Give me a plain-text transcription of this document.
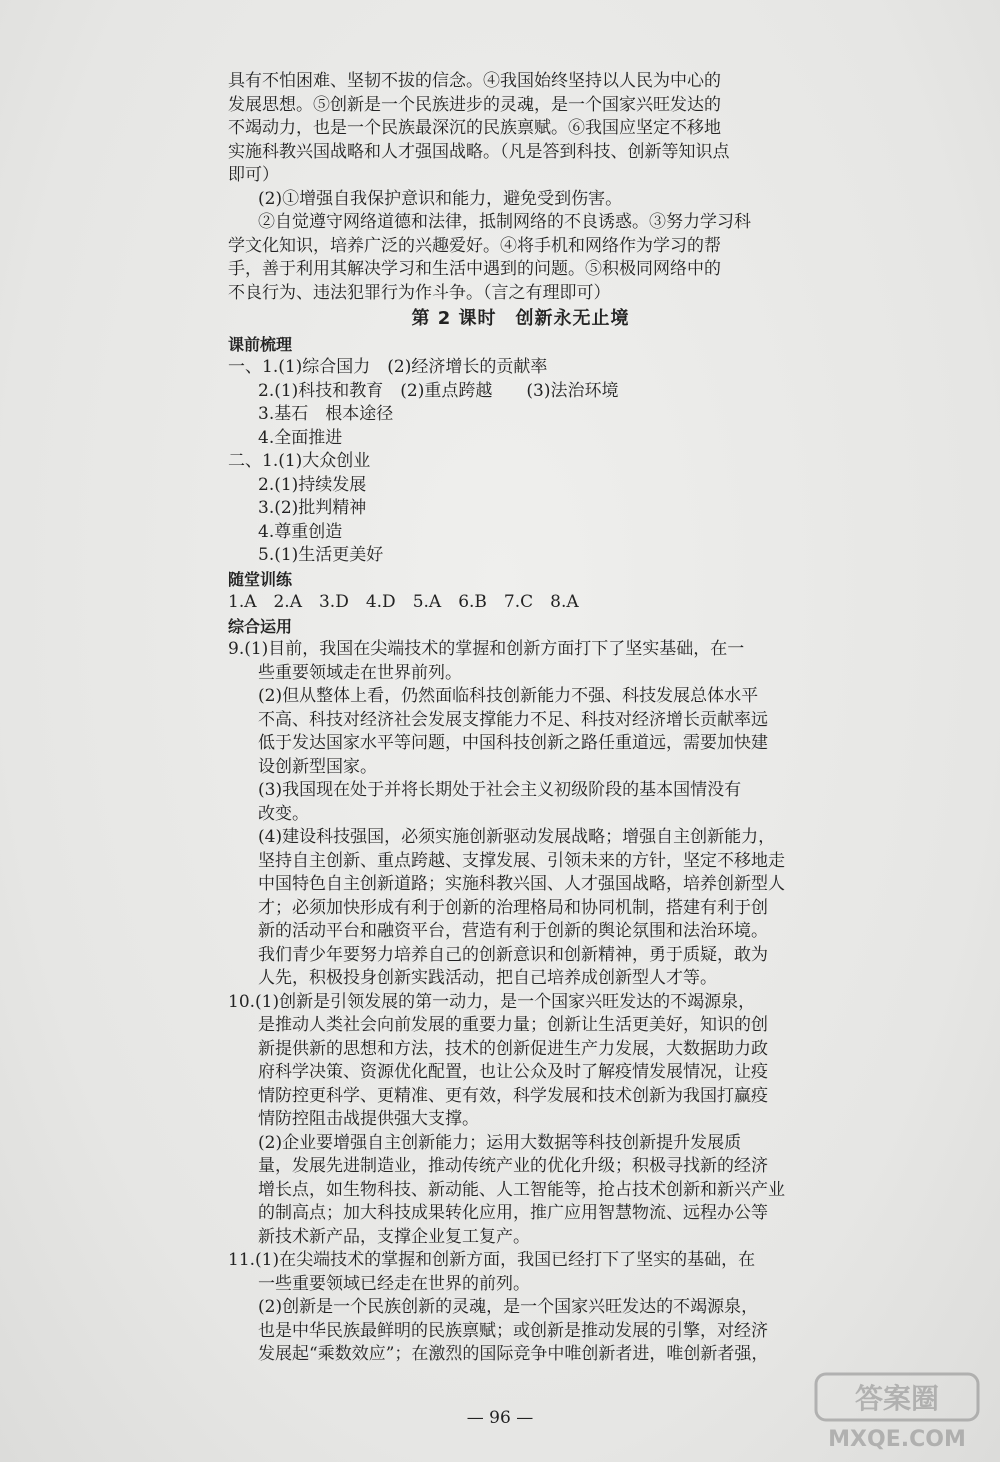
具有不怕困难、坚韧不拔的信念。④我国始终坚持以人民为中心的

发展思想。⑤创新是一个民族进步的灵魂，是一个国家兴旺发达的

不竭动力，也是一个民族最深沉的民族禀赋。⑥我国应坚定不移地

实施科教兴国战略和人才强国战略。（凡是答到科技、创新等知识点

即可）

(2)①增强自我保护意识和能力，避免受到伤害。

②自觉遵守网络道德和法律，抵制网络的不良诱惑。③努力学习科

学文化知识，培养广泛的兴趣爱好。④将手机和网络作为学习的帮

手，善于利用其解决学习和生活中遇到的问题。⑤积极同网络中的

不良行为、违法犯罪行为作斗争。（言之有理即可）

第 2 课时　创新永无止境

课前梳理

一、1.(1)综合国力　(2)经济增长的贡献率

2.(1)科技和教育　(2)重点跨越　　(3)法治环境

3.基石　根本途径

4.全面推进

二、1.(1)大众创业

2.(1)持续发展

3.(2)批判精神

4.尊重创造

5.(1)生活更美好

随堂训练

1.A　2.A　3.D　4.D　5.A　6.B　7.C　8.A

综合运用

9.(1)目前，我国在尖端技术的掌握和创新方面打下了坚实基础，在一

些重要领域走在世界前列。

(2)但从整体上看，仍然面临科技创新能力不强、科技发展总体水平

不高、科技对经济社会发展支撑能力不足、科技对经济增长贡献率远

低于发达国家水平等问题，中国科技创新之路任重道远，需要加快建

设创新型国家。

(3)我国现在处于并将长期处于社会主义初级阶段的基本国情没有

改变。

(4)建设科技强国，必须实施创新驱动发展战略；增强自主创新能力，

坚持自主创新、重点跨越、支撑发展、引领未来的方针，坚定不移地走

中国特色自主创新道路；实施科教兴国、人才强国战略，培养创新型人

才；必须加快形成有利于创新的治理格局和协同机制，搭建有利于创

新的活动平台和融资平台，营造有利于创新的舆论氛围和法治环境。

我们青少年要努力培养自己的创新意识和创新精神，勇于质疑，敢为

人先，积极投身创新实践活动，把自己培养成创新型人才等。

10.(1)创新是引领发展的第一动力，是一个国家兴旺发达的不竭源泉，

是推动人类社会向前发展的重要力量；创新让生活更美好，知识的创

新提供新的思想和方法，技术的创新促进生产力发展，大数据助力政

府科学决策、资源优化配置，也让公众及时了解疫情发展情况，让疫

情防控更科学、更精准、更有效，科学发展和技术创新为我国打赢疫

情防控阻击战提供强大支撑。

(2)企业要增强自主创新能力；运用大数据等科技创新提升发展质

量，发展先进制造业，推动传统产业的优化升级；积极寻找新的经济

增长点，如生物科技、新动能、人工智能等，抢占技术创新和新兴产业

的制高点；加大科技成果转化应用，推广应用智慧物流、远程办公等

新技术新产品，支撑企业复工复产。

11.(1)在尖端技术的掌握和创新方面，我国已经打下了坚实的基础，在

一些重要领域已经走在世界的前列。

(2)创新是一个民族创新的灵魂，是一个国家兴旺发达的不竭源泉，

也是中华民族最鲜明的民族禀赋；或创新是推动发展的引擎，对经济

发展起“乘数效应”；在激烈的国际竞争中唯创新者进，唯创新者强，

— 96 —
答案圈
MXQE.COM
